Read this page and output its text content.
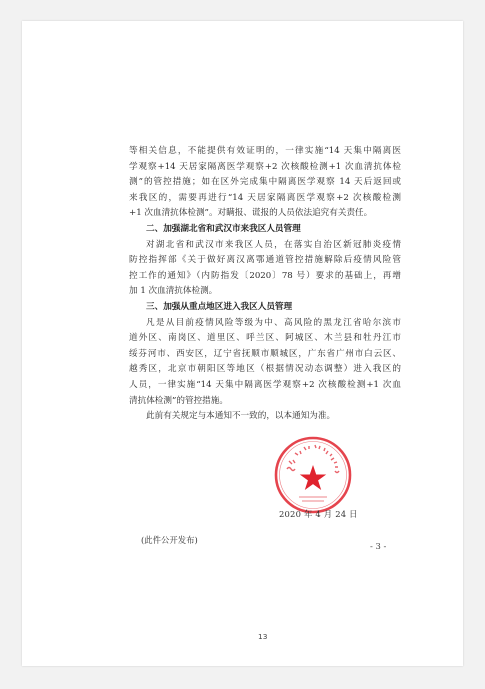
等相关信息，不能提供有效证明的，一律实施“14 天集中隔离医
学观察+14 天居家隔离医学观察+2 次核酸检测+1 次血清抗体检
测”的管控措施；如在区外完成集中隔离医学观察 14 天后返回或
来我区的，需要再进行“14 天居家隔离医学观察+2 次核酸检测
+1 次血清抗体检测”。对瞒报、谎报的人员依法追究有关责任。
二、加强湖北省和武汉市来我区人员管理
对湖北省和武汉市来我区人员，在落实自治区新冠肺炎疫情
防控指挥部《关于做好离汉离鄂通道管控措施解除后疫情风险管
控工作的通知》（内防指发〔2020〕78 号）要求的基础上，再增
加 1 次血清抗体检测。
三、加强从重点地区进入我区人员管理
凡是从目前疫情风险等级为中、高风险的黑龙江省哈尔滨市
道外区、南岗区、道里区、呼兰区、阿城区、木兰县和牡丹江市
绥芬河市、西安区，辽宁省抚顺市顺城区，广东省广州市白云区、
越秀区，北京市朝阳区等地区（根据情况动态调整）进入我区的
人员，一律实施“14 天集中隔离医学观察+2 次核酸检测+1 次血
清抗体检测”的管控措施。
此前有关规定与本通知不一致的，以本通知为准。
2020 年 4 月 24 日
(此件公开发布)
- 3 -
13
